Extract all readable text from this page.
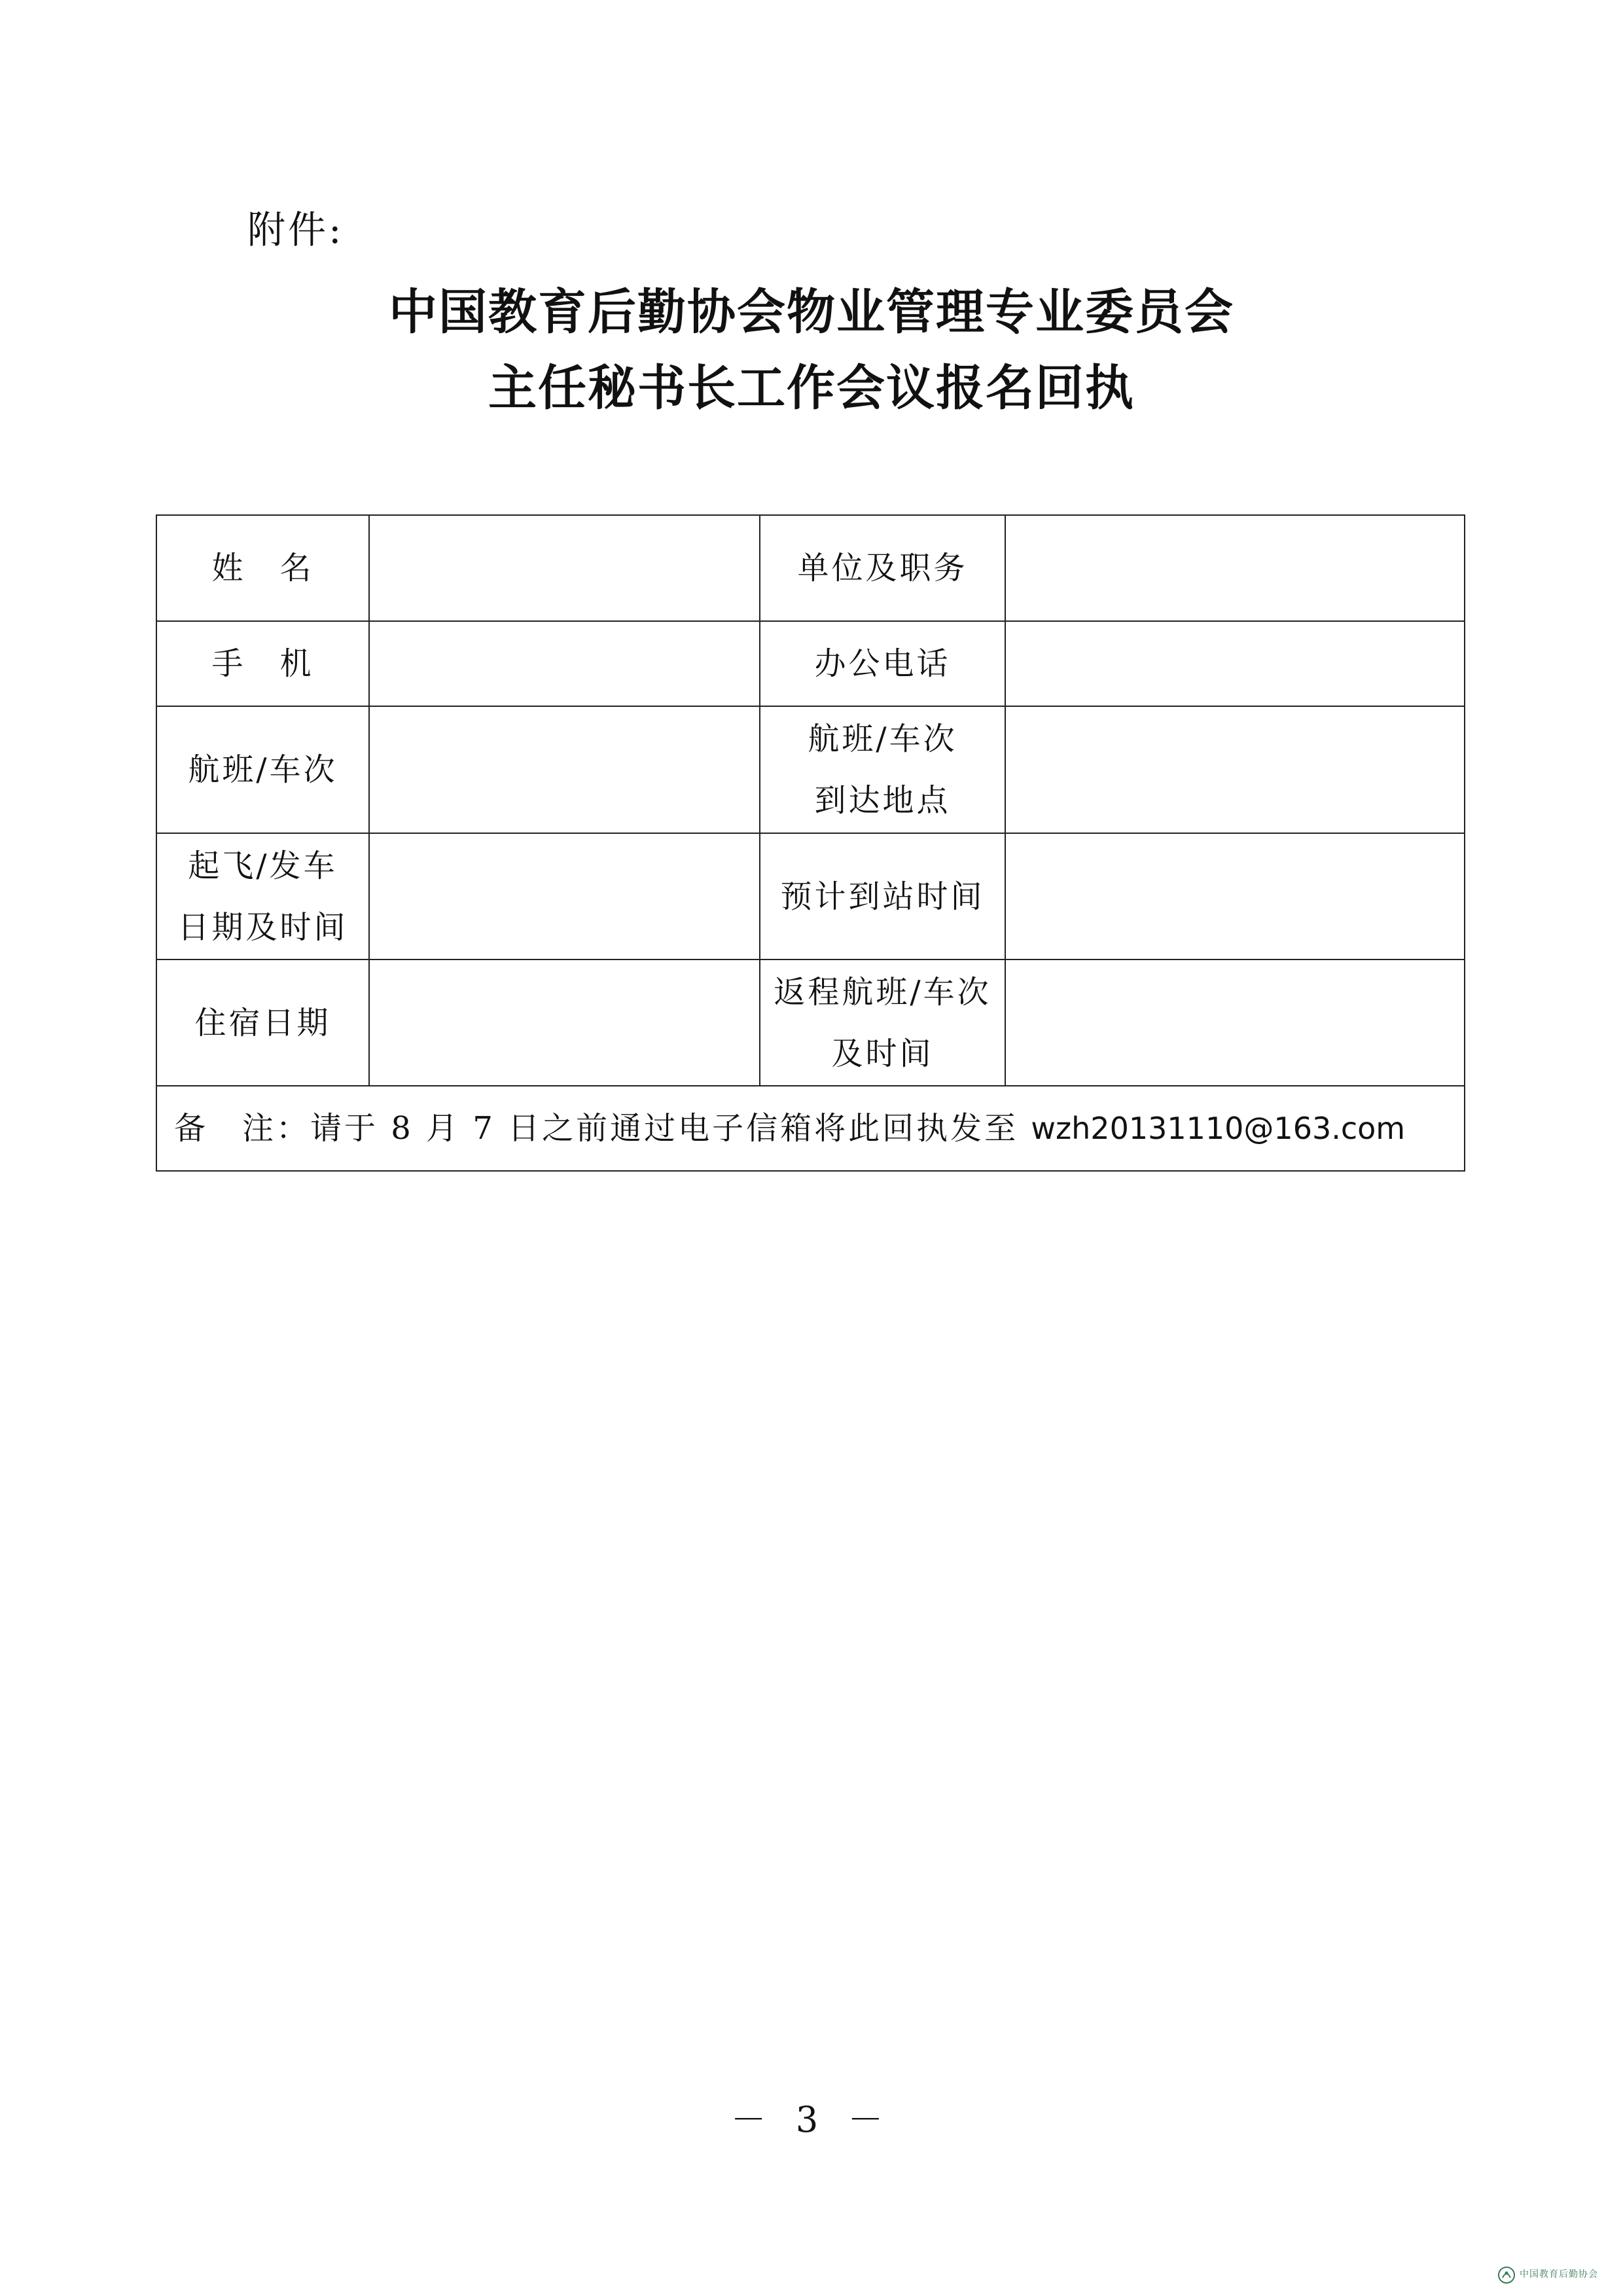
附件:
中国教育后勤协会物业管理专业委员会
主任秘书长工作会议报名回执
姓　名		单位及职务	

手　机		办公电话	

航班/车次		航班/车次
到达地点	

起飞/发车
日期及时间		预计到站时间	

住宿日期		返程航班/车次
及时间	

备　注：请于 8 月 7 日之前通过电子信箱将此回执发至 wzh20131110@163.com			
－ 3 －
中国教育后勤协会
